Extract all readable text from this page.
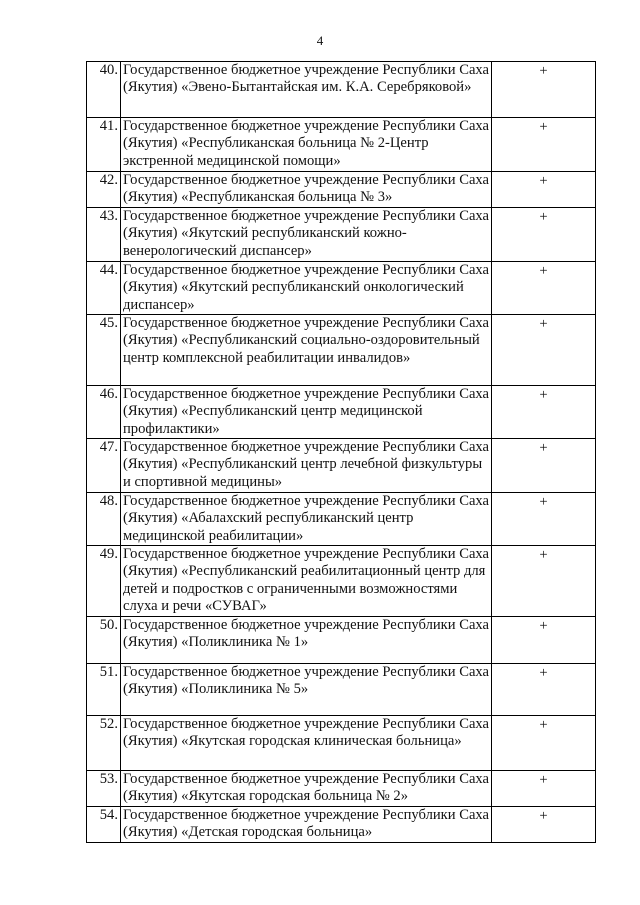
4
40.	Государственное бюджетное учреждение Республики Саха (Якутия) «Эвено-Бытантайская им. К.А. Серебряковой»	+
41.	Государственное бюджетное учреждение Республики Саха (Якутия) «Республиканская больница № 2-Центр экстренной медицинской помощи»	+
42.	Государственное бюджетное учреждение Республики Саха (Якутия) «Республиканская больница № 3»	+
43.	Государственное бюджетное учреждение Республики Саха (Якутия) «Якутский республиканский кожно-венерологический диспансер»	+
44.	Государственное бюджетное учреждение Республики Саха (Якутия) «Якутский республиканский онкологический диспансер»	+
45.	Государственное бюджетное учреждение Республики Саха (Якутия) «Республиканский социально-оздоровительный центр комплексной реабилитации инвалидов»	+
46.	Государственное бюджетное учреждение Республики Саха (Якутия) «Республиканский центр медицинской профилактики»	+
47.	Государственное бюджетное учреждение Республики Саха (Якутия) «Республиканский центр лечебной физкультуры и спортивной медицины»	+
48.	Государственное бюджетное учреждение Республики Саха (Якутия) «Абалахский республиканский центр медицинской реабилитации»	+
49.	Государственное бюджетное учреждение Республики Саха (Якутия) «Республиканский реабилитационный центр для детей и подростков с ограниченными возможностями слуха и речи «СУВАГ»	+
50.	Государственное бюджетное учреждение Республики Саха (Якутия) «Поликлиника № 1»	+
51.	Государственное бюджетное учреждение Республики Саха (Якутия) «Поликлиника № 5»	+
52.	Государственное бюджетное учреждение Республики Саха (Якутия) «Якутская городская клиническая больница»	+
53.	Государственное бюджетное учреждение Республики Саха (Якутия) «Якутская городская больница № 2»	+
54.	Государственное бюджетное учреждение Республики Саха (Якутия) «Детская городская больница»	+
